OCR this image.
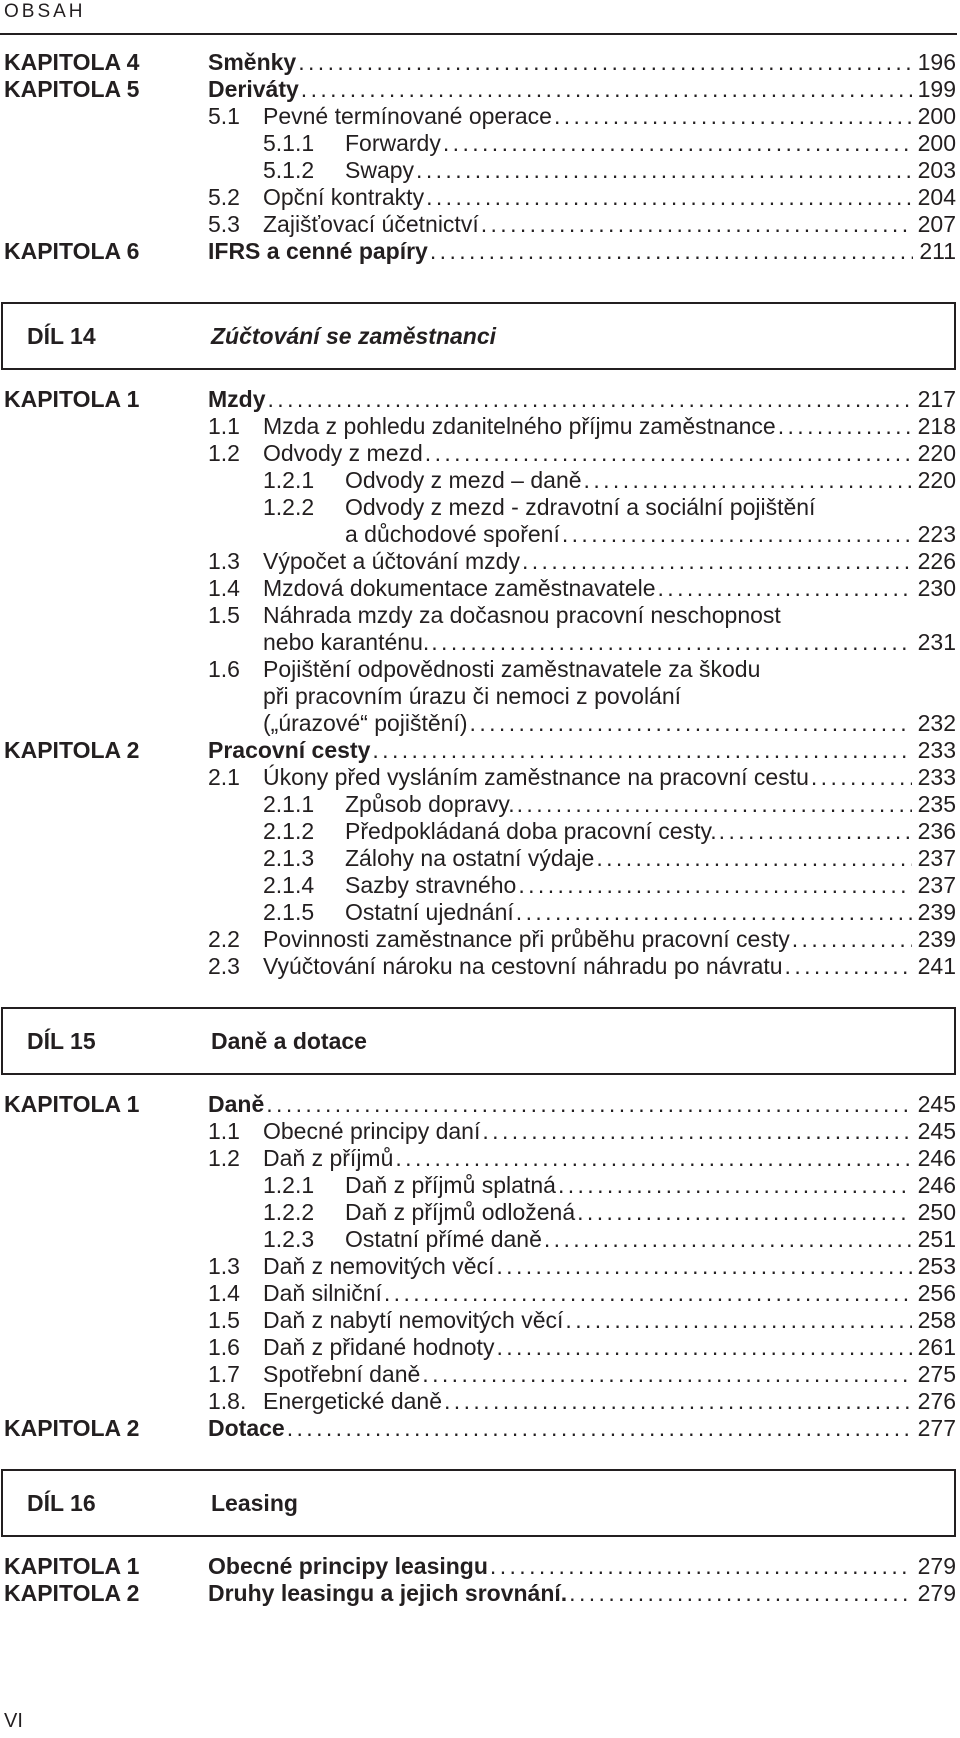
OBSAH
KAPITOLA 4	Směnky .....	196
KAPITOLA 5	Deriváty .....	199
5.1 Pevné termínované operace .....	200
5.1.1 Forwardy .....	200
5.1.2 Swapy .....	203
5.2 Opční kontrakty .....	204
5.3 Zajišťovací účetnictví .....	207
KAPITOLA 6	IFRS a cenné papíry .....	211
DÍL 14	Zúčtování se zaměstnanci
KAPITOLA 1	Mzdy .....	217
1.1 Mzda z pohledu zdanitelného příjmu zaměstnance .....	218
1.2 Odvody z mezd .....	220
1.2.1 Odvody z mezd – daně .....	220
1.2.2 Odvody z mezd - zdravotní a sociální pojištění
a důchodové spoření .....	223
1.3 Výpočet a účtování mzdy .....	226
1.4 Mzdová dokumentace zaměstnavatele .....	230
1.5 Náhrada mzdy za dočasnou pracovní neschopnost
nebo karanténu. .....	231
1.6 Pojištění odpovědnosti zaměstnavatele za škodu
při pracovním úrazu či nemoci z povolání
(„úrazové“ pojištění) .....	232
KAPITOLA 2	Pracovní cesty .....	233
2.1 Úkony před vysláním zaměstnance na pracovní cestu .....	233
2.1.1 Způsob dopravy. .....	235
2.1.2 Předpokládaná doba pracovní cesty. .....	236
2.1.3 Zálohy na ostatní výdaje .....	237
2.1.4 Sazby stravného .....	237
2.1.5 Ostatní ujednání .....	239
2.2 Povinnosti zaměstnance při průběhu pracovní cesty .....	239
2.3 Vyúčtování nároku na cestovní náhradu po návratu .....	241
DÍL 15	Daně a dotace
KAPITOLA 1	Daně .....	245
1.1 Obecné principy daní .....	245
1.2 Daň z příjmů .....	246
1.2.1 Daň z příjmů splatná .....	246
1.2.2 Daň z příjmů odložená .....	250
1.2.3 Ostatní přímé daně .....	251
1.3 Daň z nemovitých věcí .....	253
1.4 Daň silniční .....	256
1.5 Daň z nabytí nemovitých věcí .....	258
1.6 Daň z přidané hodnoty .....	261
1.7 Spotřební daně .....	275
1.8. Energetické daně .....	276
KAPITOLA 2	Dotace .....	277
DÍL 16	Leasing
KAPITOLA 1	Obecné principy leasingu .....	279
KAPITOLA 2	Druhy leasingu a jejich srovnání. .....	279
VI
